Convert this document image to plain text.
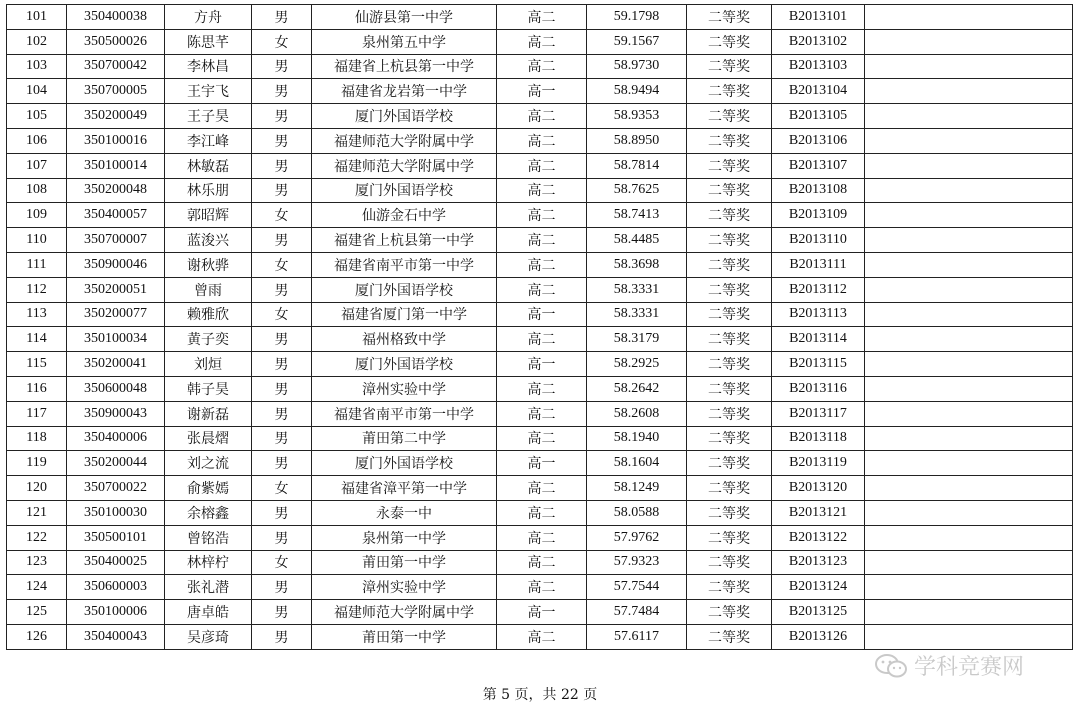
101	350400038	方舟	男	仙游县第一中学	高二	59.1798	二等奖	B2013101	
102	350500026	陈思芊	女	泉州第五中学	高二	59.1567	二等奖	B2013102	
103	350700042	李林昌	男	福建省上杭县第一中学	高二	58.9730	二等奖	B2013103	
104	350700005	王宇飞	男	福建省龙岩第一中学	高一	58.9494	二等奖	B2013104	
105	350200049	王子昊	男	厦门外国语学校	高二	58.9353	二等奖	B2013105	
106	350100016	李江峰	男	福建师范大学附属中学	高二	58.8950	二等奖	B2013106	
107	350100014	林敏磊	男	福建师范大学附属中学	高二	58.7814	二等奖	B2013107	
108	350200048	林乐朋	男	厦门外国语学校	高二	58.7625	二等奖	B2013108	
109	350400057	郭昭辉	女	仙游金石中学	高二	58.7413	二等奖	B2013109	
110	350700007	蓝浚兴	男	福建省上杭县第一中学	高二	58.4485	二等奖	B2013110	
111	350900046	谢秋骅	女	福建省南平市第一中学	高二	58.3698	二等奖	B2013111	
112	350200051	曾雨	男	厦门外国语学校	高二	58.3331	二等奖	B2013112	
113	350200077	赖雅欣	女	福建省厦门第一中学	高一	58.3331	二等奖	B2013113	
114	350100034	黄子奕	男	福州格致中学	高二	58.3179	二等奖	B2013114	
115	350200041	刘烜	男	厦门外国语学校	高一	58.2925	二等奖	B2013115	
116	350600048	韩子昊	男	漳州实验中学	高二	58.2642	二等奖	B2013116	
117	350900043	谢新磊	男	福建省南平市第一中学	高二	58.2608	二等奖	B2013117	
118	350400006	张晨熠	男	莆田第二中学	高二	58.1940	二等奖	B2013118	
119	350200044	刘之流	男	厦门外国语学校	高一	58.1604	二等奖	B2013119	
120	350700022	俞紫嫣	女	福建省漳平第一中学	高二	58.1249	二等奖	B2013120	
121	350100030	余榕鑫	男	永泰一中	高二	58.0588	二等奖	B2013121	
122	350500101	曾铭浩	男	泉州第一中学	高二	57.9762	二等奖	B2013122	
123	350400025	林梓柠	女	莆田第一中学	高二	57.9323	二等奖	B2013123	
124	350600003	张礼潜	男	漳州实验中学	高二	57.7544	二等奖	B2013124	
125	350100006	唐卓皓	男	福建师范大学附属中学	高一	57.7484	二等奖	B2013125	
126	350400043	吴彦琦	男	莆田第一中学	高二	57.6117	二等奖	B2013126	
学科竞赛网
第 5 页，共 22 页
